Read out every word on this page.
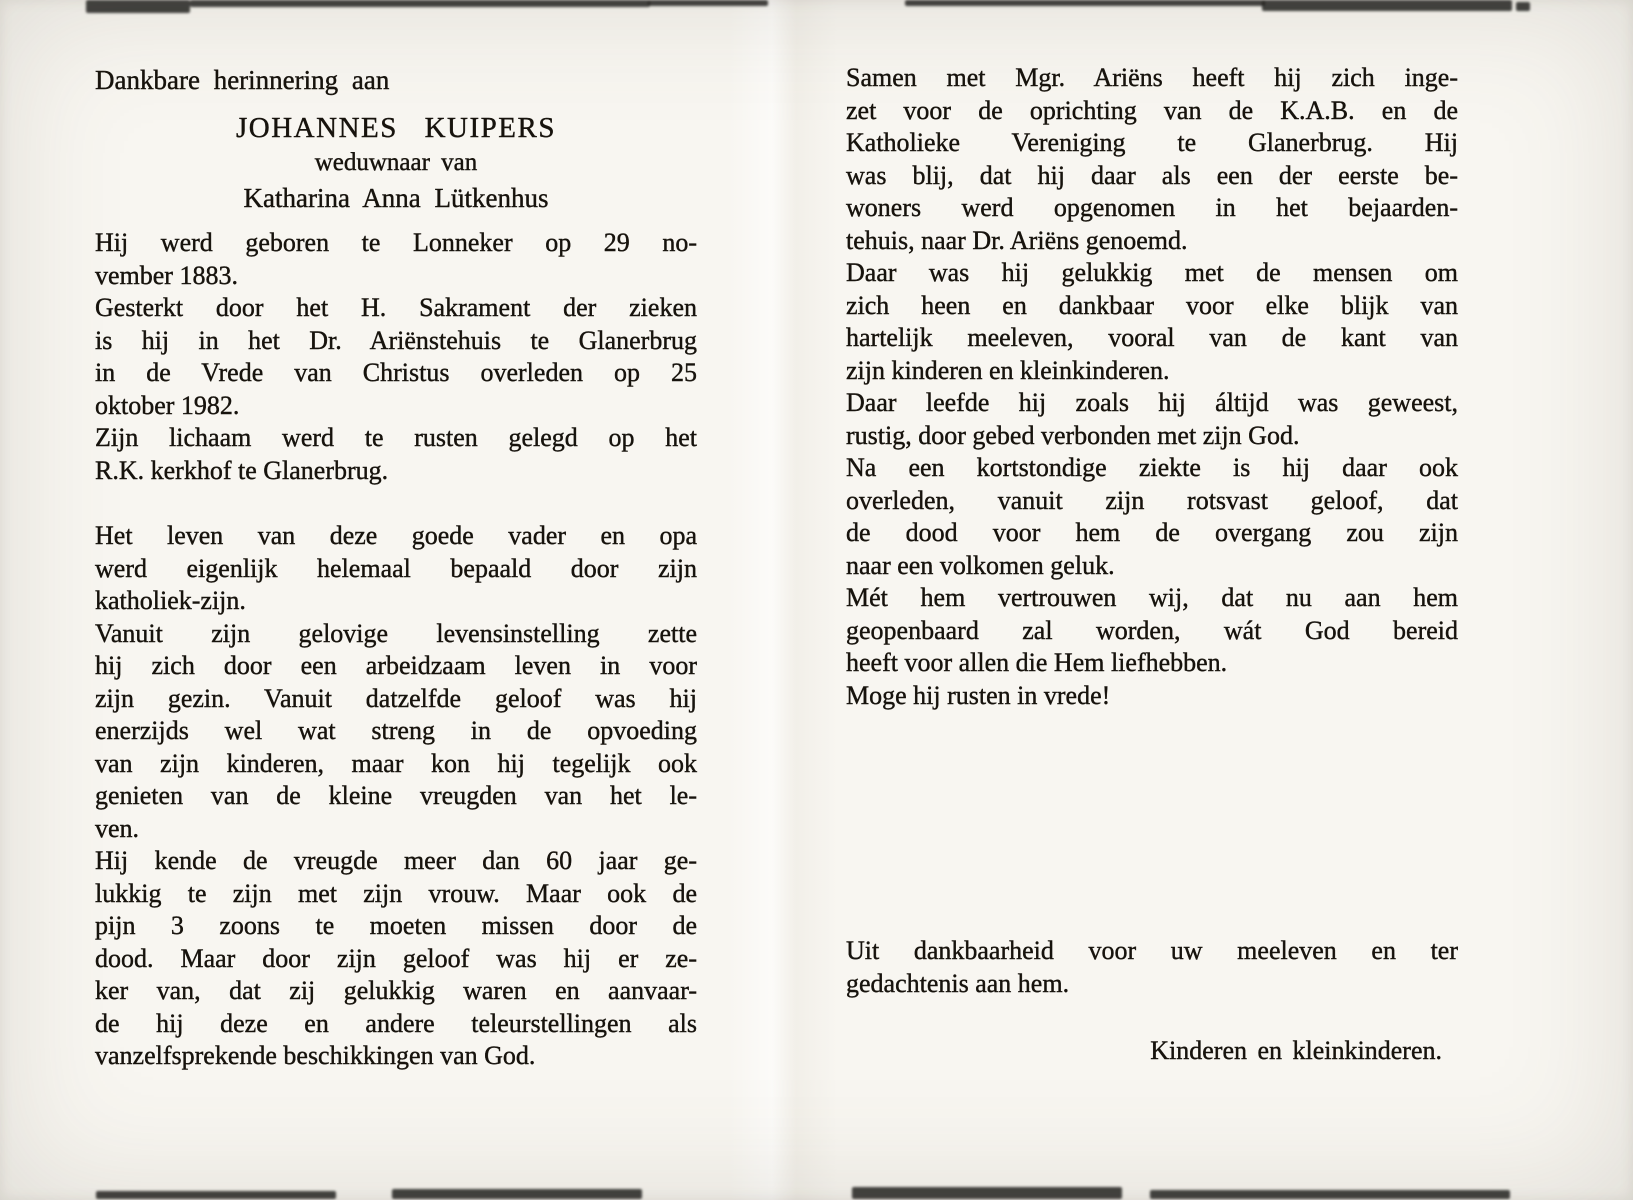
Dankbare herinnering aan
JOHANNES KUIPERS
weduwnaar van
Katharina Anna Lütkenhus
Hij werd geboren te Lonneker op 29 no-
vember 1883.
Gesterkt door het H. Sakrament der zieken
is hij in het Dr. Ariënstehuis te Glanerbrug
in de Vrede van Christus overleden op 25
oktober 1982.
Zijn lichaam werd te rusten gelegd op het
R.K. kerkhof te Glanerbrug.
Het leven van deze goede vader en opa
werd eigenlijk helemaal bepaald door zijn
katholiek-zijn.
Vanuit zijn gelovige levensinstelling zette
hij zich door een arbeidzaam leven in voor
zijn gezin. Vanuit datzelfde geloof was hij
enerzijds wel wat streng in de opvoeding
van zijn kinderen, maar kon hij tegelijk ook
genieten van de kleine vreugden van het le-
ven.
Hij kende de vreugde meer dan 60 jaar ge-
lukkig te zijn met zijn vrouw. Maar ook de
pijn 3 zoons te moeten missen door de
dood. Maar door zijn geloof was hij er ze-
ker van, dat zij gelukkig waren en aanvaar-
de hij deze en andere teleurstellingen als
vanzelfsprekende beschikkingen van God.
Samen met Mgr. Ariëns heeft hij zich inge-
zet voor de oprichting van de K.A.B. en de
Katholieke Vereniging te Glanerbrug. Hij
was blij, dat hij daar als een der eerste be-
woners werd opgenomen in het bejaarden-
tehuis, naar Dr. Ariëns genoemd.
Daar was hij gelukkig met de mensen om
zich heen en dankbaar voor elke blijk van
hartelijk meeleven, vooral van de kant van
zijn kinderen en kleinkinderen.
Daar leefde hij zoals hij áltijd was geweest,
rustig, door gebed verbonden met zijn God.
Na een kortstondige ziekte is hij daar ook
overleden, vanuit zijn rotsvast geloof, dat
de dood voor hem de overgang zou zijn
naar een volkomen geluk.
Mét hem vertrouwen wij, dat nu aan hem
geopenbaard zal worden, wát God bereid
heeft voor allen die Hem liefhebben.
Moge hij rusten in vrede!
Uit dankbaarheid voor uw meeleven en ter
gedachtenis aan hem.
Kinderen en kleinkinderen.
